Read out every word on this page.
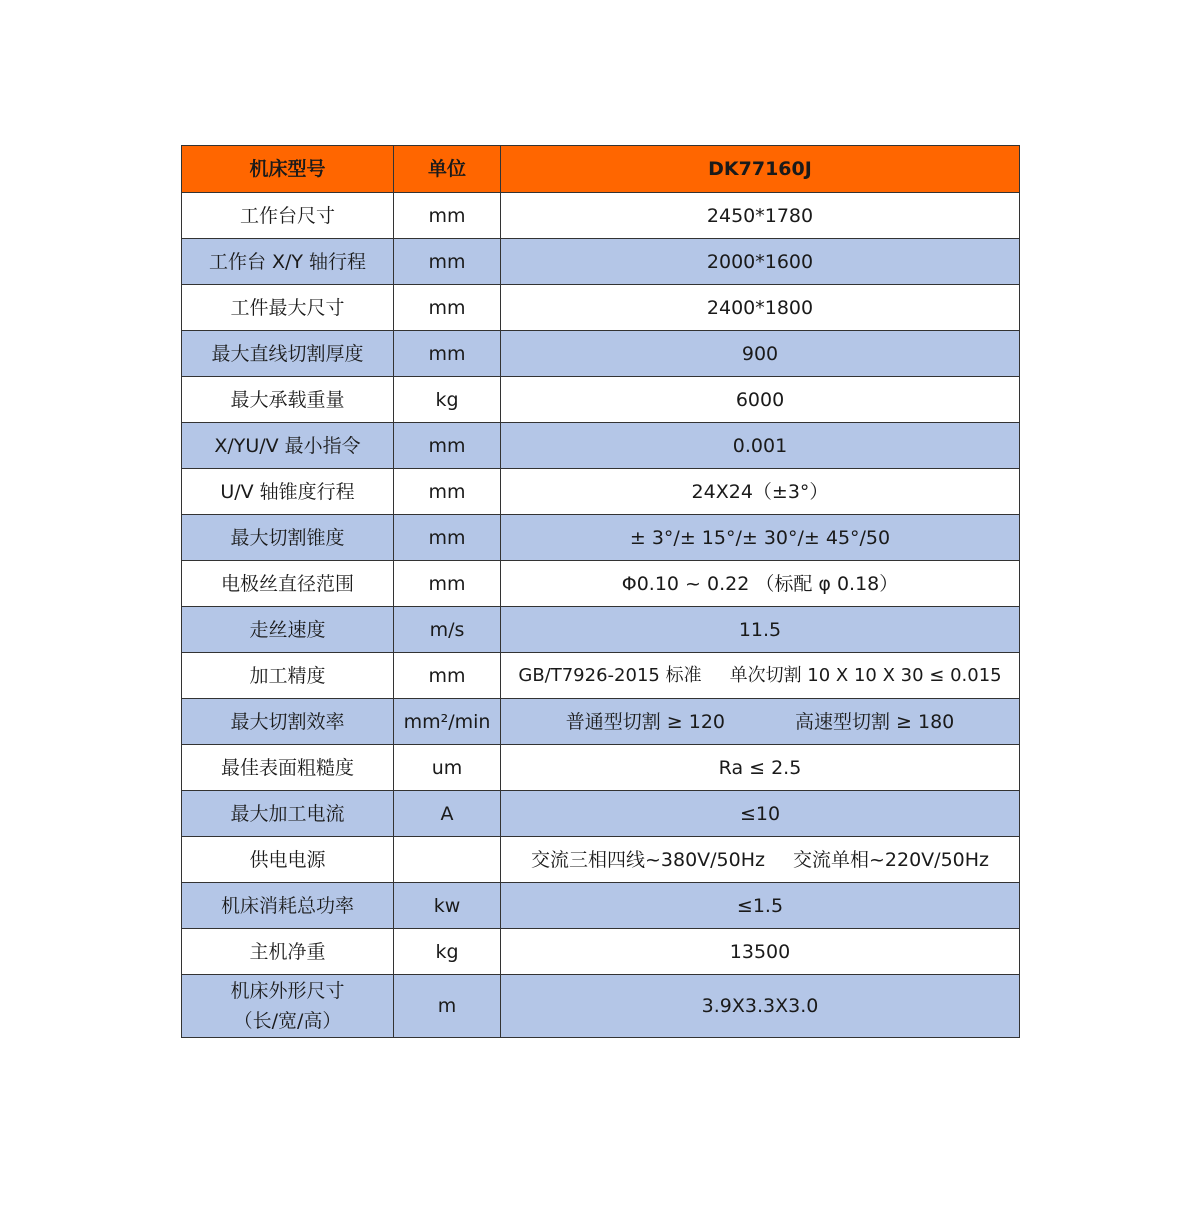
机床型号	单位	DK77160J
工作台尺寸	mm	2450*1780
工作台 X/Y 轴行程	mm	2000*1600
工件最大尺寸	mm	2400*1800
最大直线切割厚度	mm	900
最大承载重量	kg	6000
X/YU/V 最小指令	mm	0.001
U/V 轴锥度行程	mm	24X24（±3°）
最大切割锥度	mm	± 3°/± 15°/± 30°/± 45°/50
电极丝直径范围	mm	Φ0.10 ~ 0.22 （标配 φ 0.18）
走丝速度	m/s	11.5
加工精度	mm	GB/T7926-2015 标准 单次切割 10 X 10 X 30 ≤ 0.015
最大切割效率	mm²/min	普通型切割 ≥ 120 高速型切割 ≥ 180
最佳表面粗糙度	um	Ra ≤ 2.5
最大加工电流	A	≤10
供电电源		交流三相四线~380V/50Hz 交流单相~220V/50Hz
机床消耗总功率	kw	≤1.5
主机净重	kg	13500

机床外形尺寸
（长/宽/高）	m	3.9X3.3X3.0
